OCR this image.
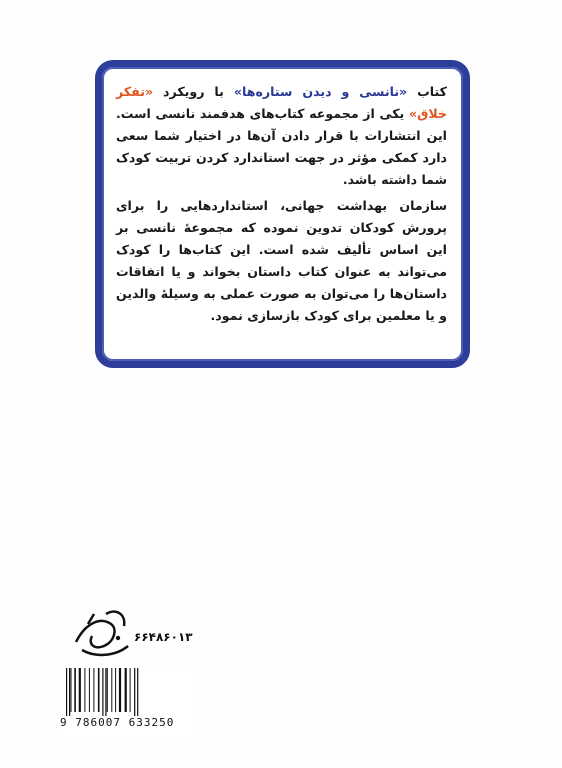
کتاب «نانسی و دیدن ستاره‌ها» با رویکرد «تفکر خلاق» یکی از مجموعه کتاب‌های هدفمند نانسی است. این انتشارات با قرار دادن آن‌ها در اختیار شما سعی دارد کمکی مؤثر در جهت استاندارد کردن تربیت کودک شما داشته باشد.

سازمان بهداشت جهانی، استانداردهایی را برای پرورش کودکان تدوین نموده که مجموعهٔ نانسی بر این اساس تألیف شده است. این کتاب‌ها را کودک می‌تواند به عنوان کتاب داستان بخواند و یا اتفاقات داستان‌ها را می‌توان به صورت عملی به وسیلهٔ والدین و یا معلمین برای کودک بازسازی نمود.

۶۶۴۸۶۰۱۳
9 786007 633250
